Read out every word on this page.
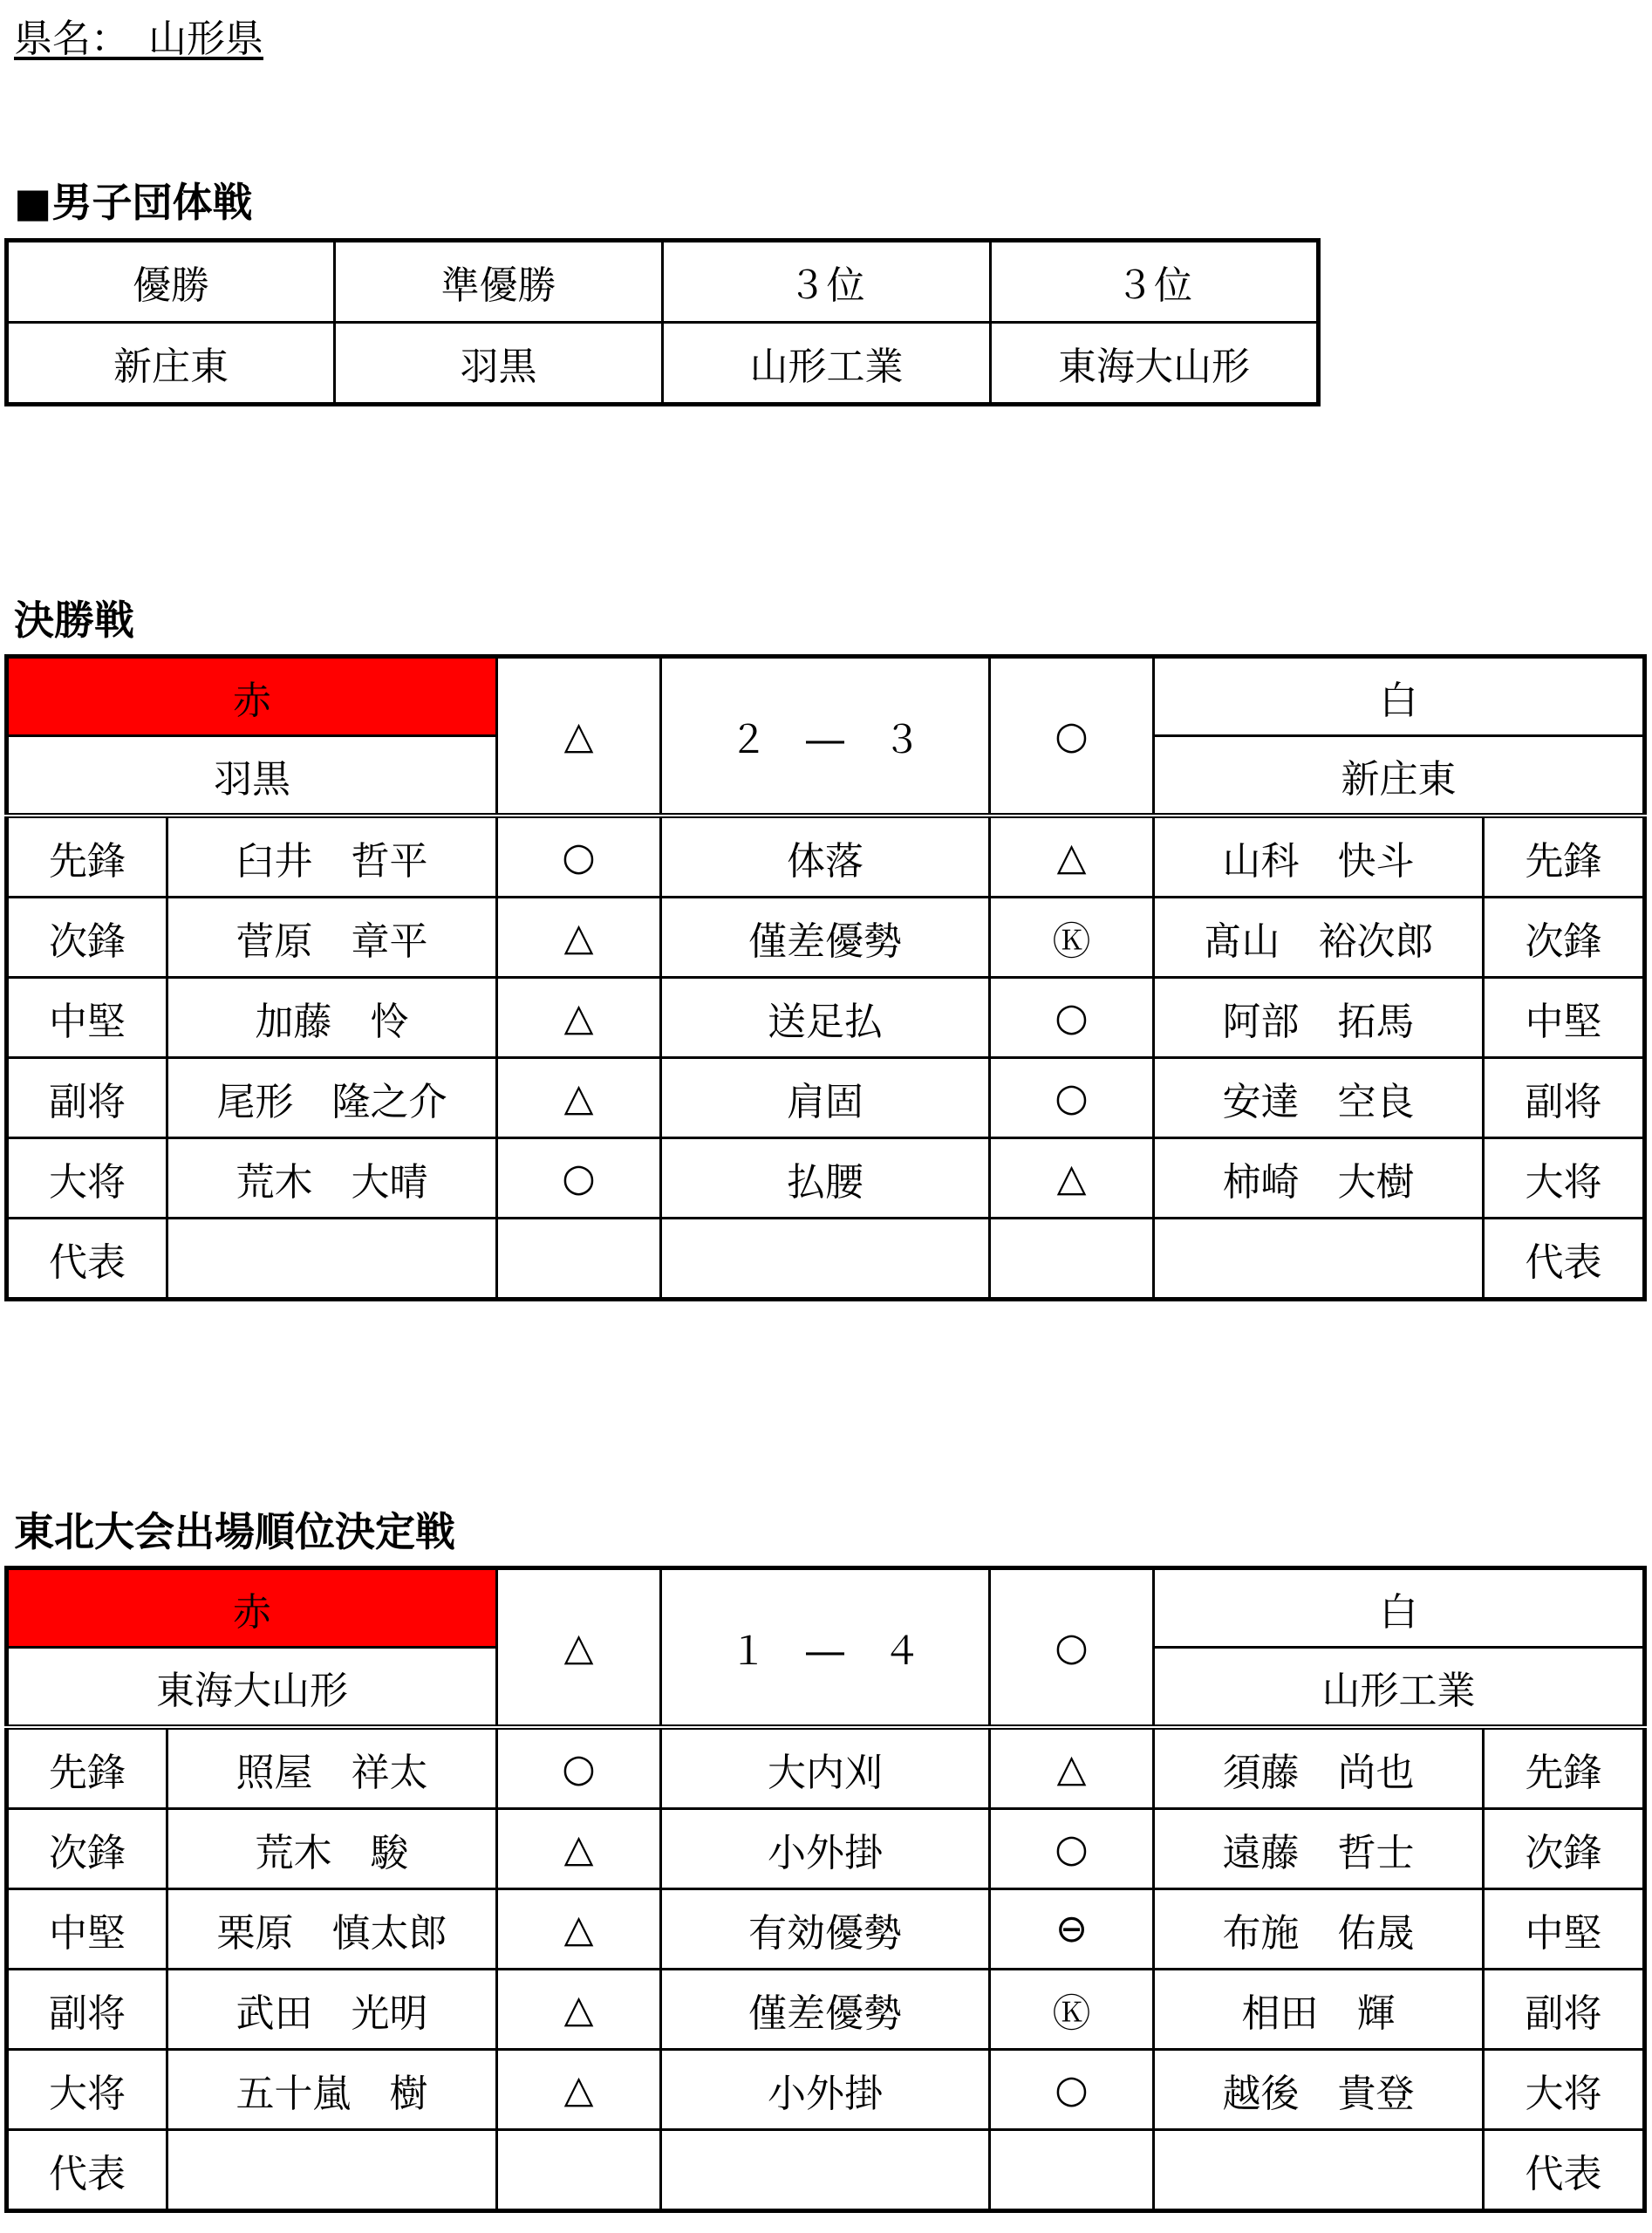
県名：　山形県
■男子団体戦
優勝	準優勝	３位	３位
新庄東	羽黒	山形工業	東海大山形
決勝戦
赤		△	２　―　３	○	白	
羽黒					新庄東	
先鋒	臼井　哲平	○	体落	△	山科　快斗	先鋒
次鋒	菅原　章平	△	僅差優勢	Ⓚ	髙山　裕次郎	次鋒
中堅	加藤　怜	△	送足払	○	阿部　拓馬	中堅
副将	尾形　隆之介	△	肩固	○	安達　空良	副将
大将	荒木　大晴	○	払腰	△	柿崎　大樹	大将
代表						代表
東北大会出場順位決定戦
赤		△	１　―　４	○	白	
東海大山形					山形工業	
先鋒	照屋　祥太	○	大内刈	△	須藤　尚也	先鋒
次鋒	荒木　駿	△	小外掛	○	遠藤　哲士	次鋒
中堅	栗原　慎太郎	△	有効優勢	⊖	布施　佑晟	中堅
副将	武田　光明	△	僅差優勢	Ⓚ	相田　輝	副将
大将	五十嵐　樹	△	小外掛	○	越後　貴登	大将
代表						代表
